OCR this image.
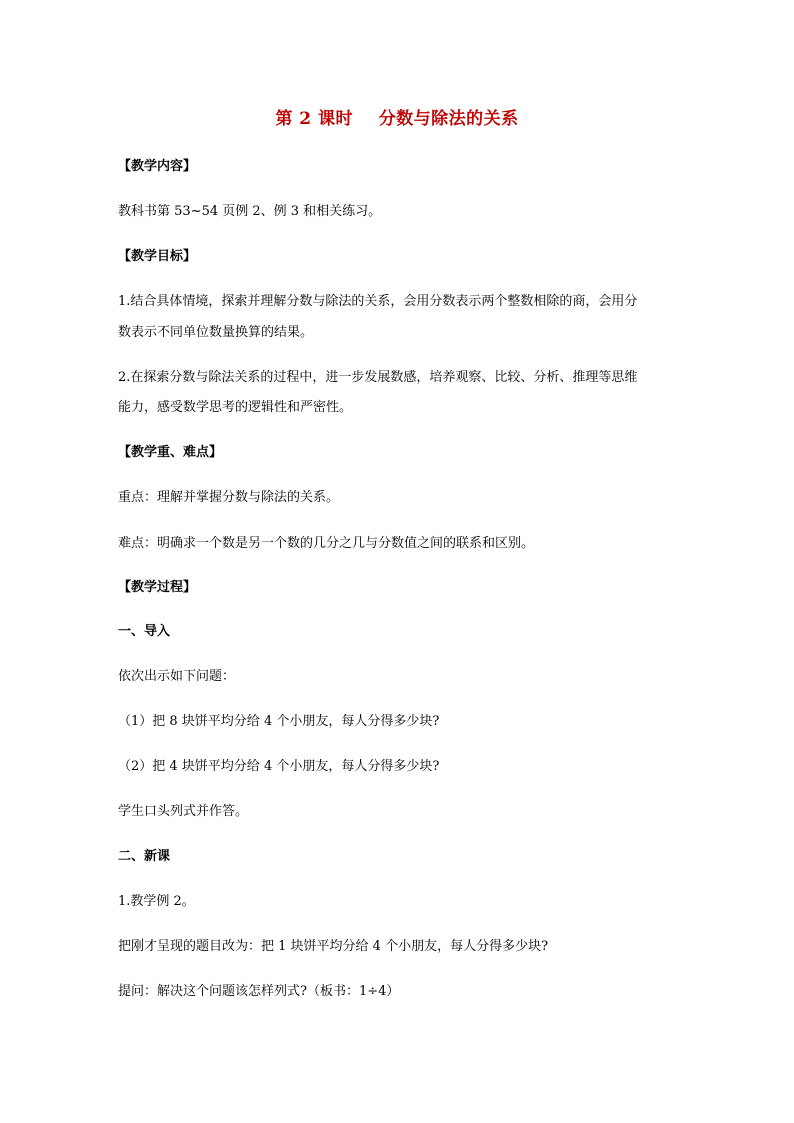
第 2 课时    分数与除法的关系
【教学内容】
教科书第 53~54 页例 2、例 3 和相关练习。
【教学目标】
1.结合具体情境，探索并理解分数与除法的关系，会用分数表示两个整数相除的商，会用分
数表示不同单位数量换算的结果。
2.在探索分数与除法关系的过程中，进一步发展数感，培养观察、比较、分析、推理等思维
能力，感受数学思考的逻辑性和严密性。
【教学重、难点】
重点：理解并掌握分数与除法的关系。
难点：明确求一个数是另一个数的几分之几与分数值之间的联系和区别。
【教学过程】
一、导入
依次出示如下问题：
（1）把 8 块饼平均分给 4 个小朋友，每人分得多少块?
（2）把 4 块饼平均分给 4 个小朋友，每人分得多少块?
学生口头列式并作答。
二、新课
1.教学例 2。
把刚才呈现的题目改为：把 1 块饼平均分给 4 个小朋友，每人分得多少块?
提问：解决这个问题该怎样列式?（板书：1÷4）
